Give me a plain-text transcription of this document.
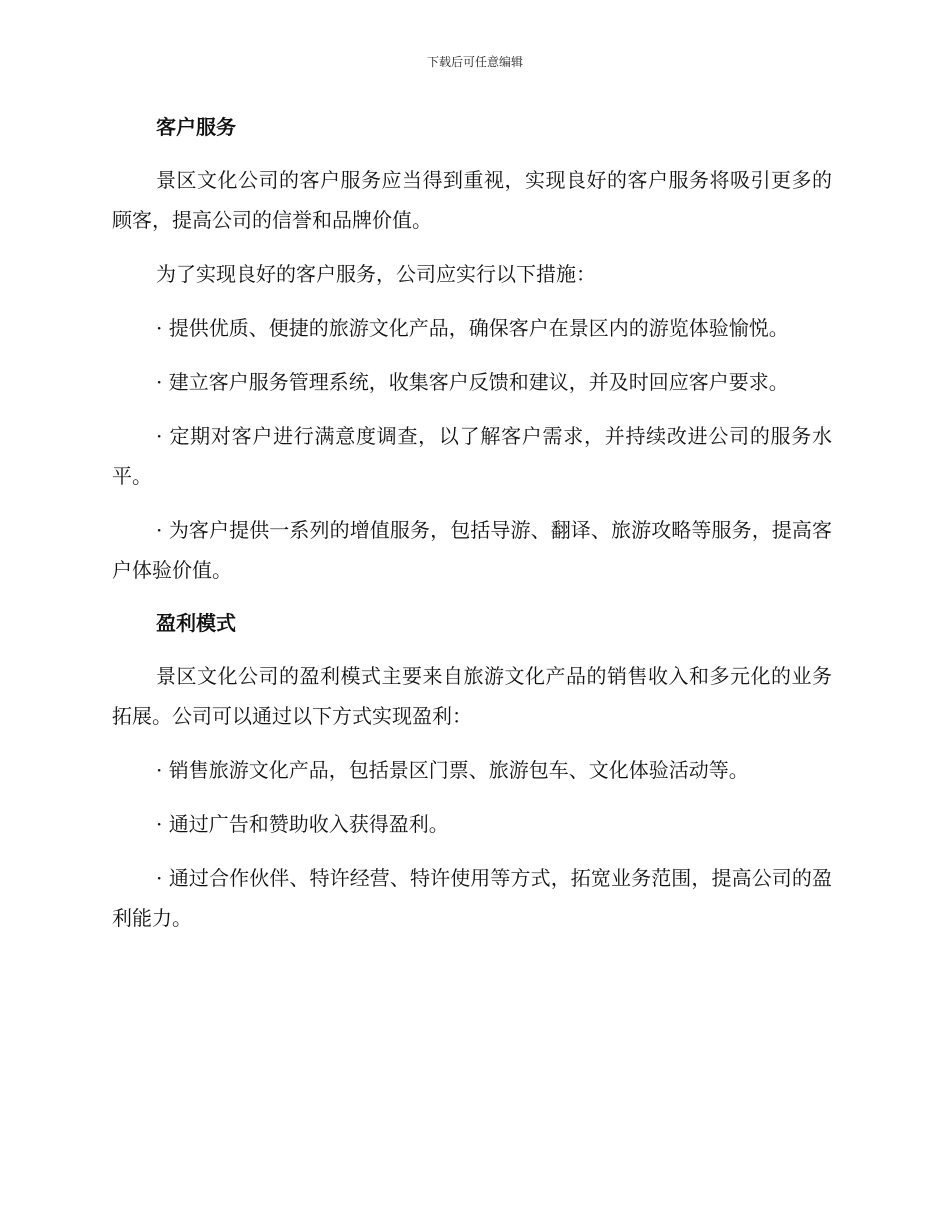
下载后可任意编辑
客户服务

景区文化公司的客户服务应当得到重视，实现良好的客户服务将吸引更多的顾客，提高公司的信誉和品牌价值。

为了实现良好的客户服务，公司应实行以下措施：

· 提供优质、便捷的旅游文化产品，确保客户在景区内的游览体验愉悦。

· 建立客户服务管理系统，收集客户反馈和建议，并及时回应客户要求。

· 定期对客户进行满意度调查，以了解客户需求，并持续改进公司的服务水平。

· 为客户提供一系列的增值服务，包括导游、翻译、旅游攻略等服务，提高客户体验价值。

盈利模式

景区文化公司的盈利模式主要来自旅游文化产品的销售收入和多元化的业务拓展。公司可以通过以下方式实现盈利：

· 销售旅游文化产品，包括景区门票、旅游包车、文化体验活动等。

· 通过广告和赞助收入获得盈利。

· 通过合作伙伴、特许经营、特许使用等方式，拓宽业务范围，提高公司的盈利能力。
